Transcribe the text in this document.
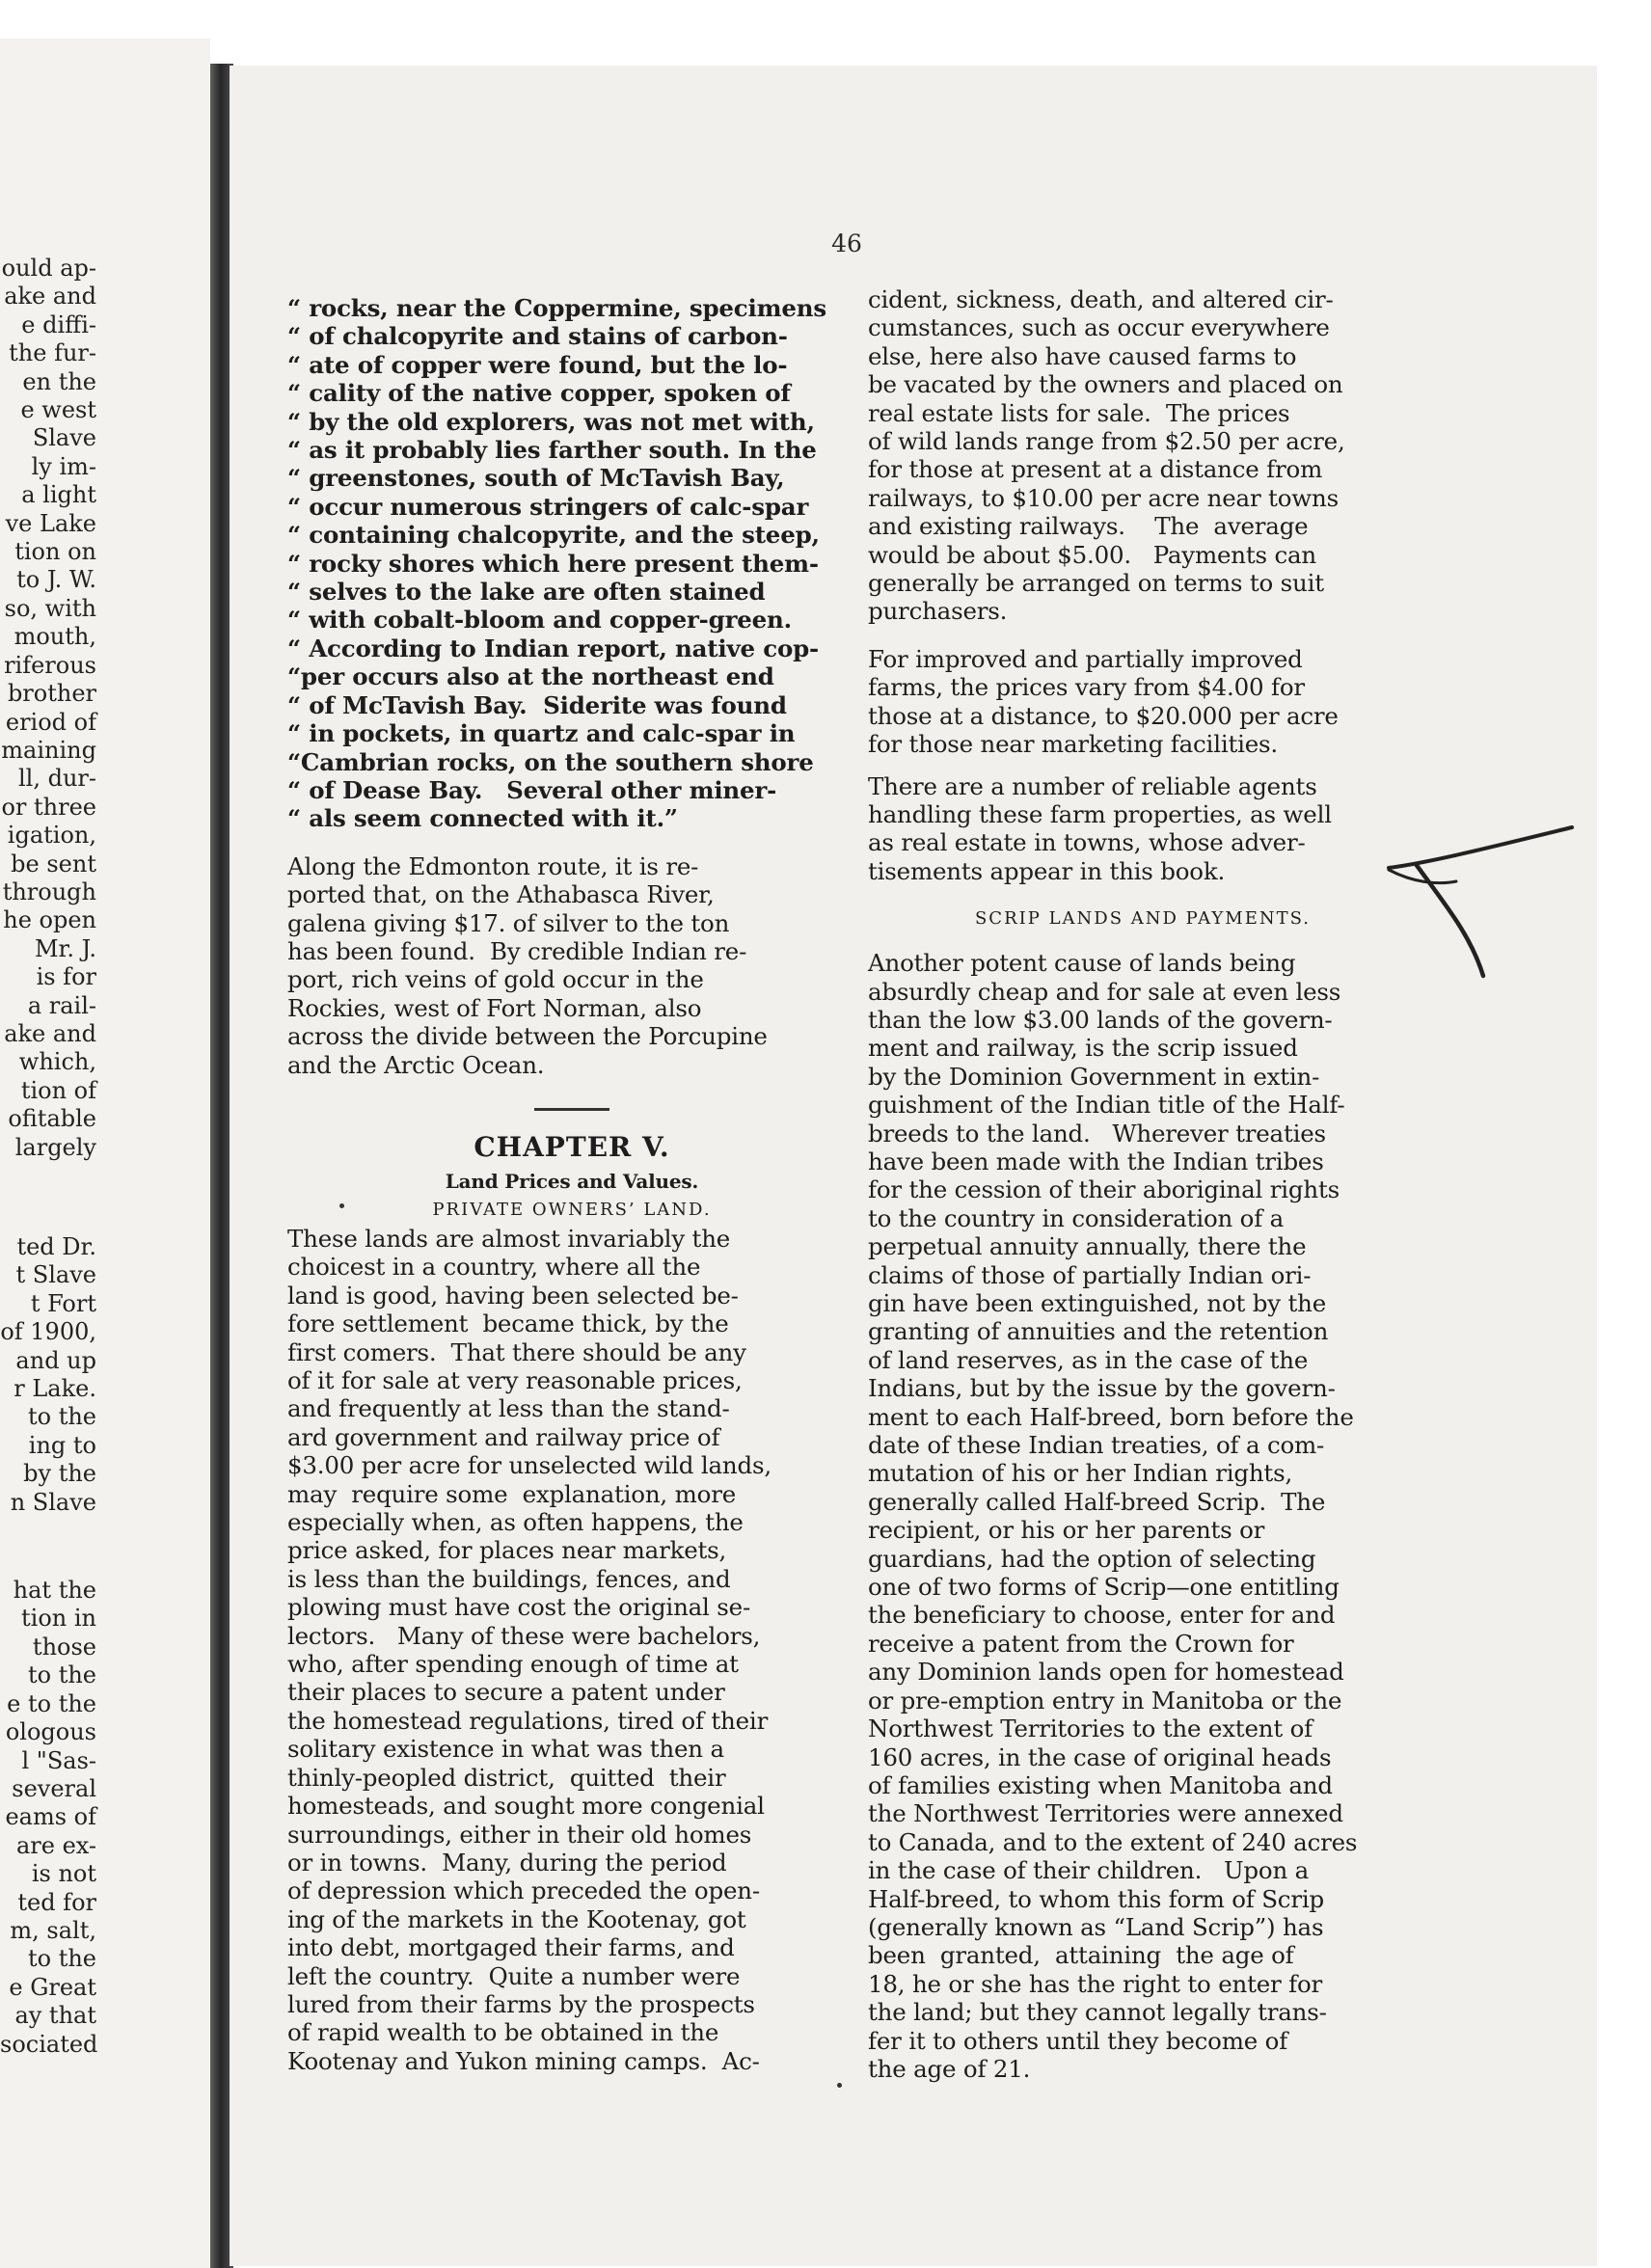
ould ap-

ake and

e diffi-

the fur-

en the

e west

Slave

ly im-

a light

ve Lake

tion on

to J. W.

so, with

mouth,

riferous

brother

eriod of

maining

ll, dur-

or three

igation,

be sent

through

he open

Mr. J.

is for

a rail-

ake and

which,

tion of

ofitable

largely

ted Dr.

t Slave

t Fort

of 1900,

and up

r Lake.

to the

ing to

by the

n Slave

hat the

tion in

those

to the

e to the

ologous

l "Sas-

several

eams of

are ex-

is not

ted for

m, salt,

to the

e Great

ay that

sociated

46

“ rocks, near the Coppermine, specimens

“ of chalcopyrite and stains of carbon-

“ ate of copper were found, but the lo-

“ cality of the native copper, spoken of

“ by the old explorers, was not met with,

“ as it probably lies farther south. In the

“ greenstones, south of McTavish Bay,

“ occur numerous stringers of calc-spar

“ containing chalcopyrite, and the steep,

“ rocky shores which here present them-

“ selves to the lake are often stained

“ with cobalt-bloom and copper-green.

“ According to Indian report, native cop-

“per occurs also at the northeast end

“ of McTavish Bay.  Siderite was found

“ in pockets, in quartz and calc-spar in

“Cambrian rocks, on the southern shore

“ of Dease Bay.   Several other miner-

“ als seem connected with it.”

Along the Edmonton route, it is re-

ported that, on the Athabasca River,

galena giving $17. of silver to the ton

has been found.  By credible Indian re-

port, rich veins of gold occur in the

Rockies, west of Fort Norman, also

across the divide between the Porcupine

and the Arctic Ocean.

CHAPTER V.
Land Prices and Values.
PRIVATE OWNERS’ LAND.

These lands are almost invariably the

choicest in a country, where all the

land is good, having been selected be-

fore settlement  became thick, by the

first comers.  That there should be any

of it for sale at very reasonable prices,

and frequently at less than the stand-

ard government and railway price of

$3.00 per acre for unselected wild lands,

may  require some  explanation, more

especially when, as often happens, the

price asked, for places near markets,

is less than the buildings, fences, and

plowing must have cost the original se-

lectors.   Many of these were bachelors,

who, after spending enough of time at

their places to secure a patent under

the homestead regulations, tired of their

solitary existence in what was then a

thinly-peopled district,  quitted  their

homesteads, and sought more congenial

surroundings, either in their old homes

or in towns.  Many, during the period

of depression which preceded the open-

ing of the markets in the Kootenay, got

into debt, mortgaged their farms, and

left the country.  Quite a number were

lured from their farms by the prospects

of rapid wealth to be obtained in the

Kootenay and Yukon mining camps.  Ac-

cident, sickness, death, and altered cir-

cumstances, such as occur everywhere

else, here also have caused farms to

be vacated by the owners and placed on

real estate lists for sale.  The prices

of wild lands range from $2.50 per acre,

for those at present at a distance from

railways, to $10.00 per acre near towns

and existing railways.    The  average

would be about $5.00.   Payments can

generally be arranged on terms to suit

purchasers.

For improved and partially improved

farms, the prices vary from $4.00 for

those at a distance, to $20.000 per acre

for those near marketing facilities.

There are a number of reliable agents

handling these farm properties, as well

as real estate in towns, whose adver-

tisements appear in this book.

SCRIP LANDS AND PAYMENTS.

Another potent cause of lands being

absurdly cheap and for sale at even less

than the low $3.00 lands of the govern-

ment and railway, is the scrip issued

by the Dominion Government in extin-

guishment of the Indian title of the Half-

breeds to the land.   Wherever treaties

have been made with the Indian tribes

for the cession of their aboriginal rights

to the country in consideration of a

perpetual annuity annually, there the

claims of those of partially Indian ori-

gin have been extinguished, not by the

granting of annuities and the retention

of land reserves, as in the case of the

Indians, but by the issue by the govern-

ment to each Half-breed, born before the

date of these Indian treaties, of a com-

mutation of his or her Indian rights,

generally called Half-breed Scrip.  The

recipient, or his or her parents or

guardians, had the option of selecting

one of two forms of Scrip—one entitling

the beneficiary to choose, enter for and

receive a patent from the Crown for

any Dominion lands open for homestead

or pre-emption entry in Manitoba or the

Northwest Territories to the extent of

160 acres, in the case of original heads

of families existing when Manitoba and

the Northwest Territories were annexed

to Canada, and to the extent of 240 acres

in the case of their children.   Upon a

Half-breed, to whom this form of Scrip

(generally known as “Land Scrip”) has

been  granted,  attaining  the age of

18, he or she has the right to enter for

the land; but they cannot legally trans-

fer it to others until they become of

the age of 21.
